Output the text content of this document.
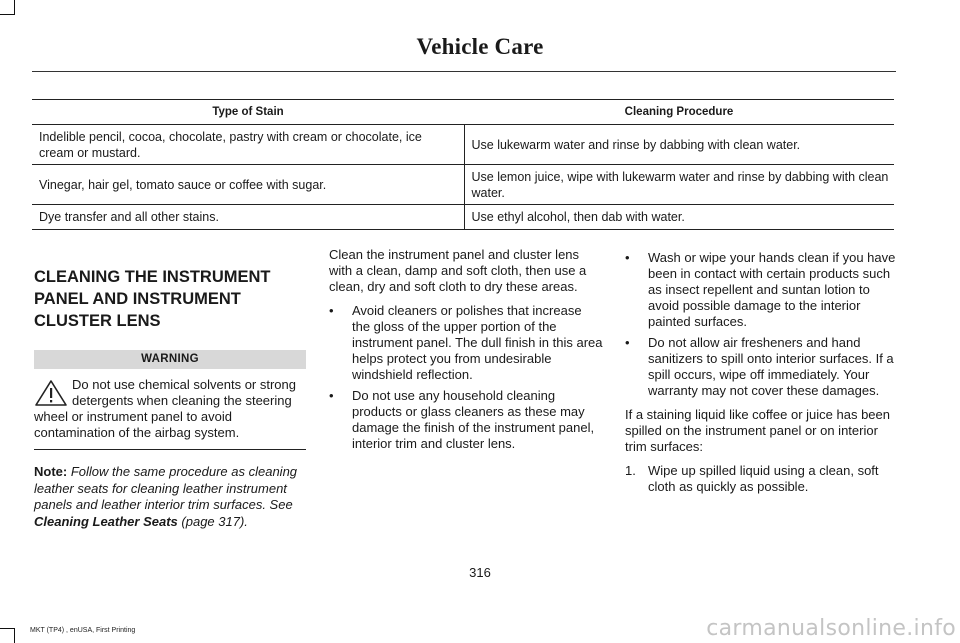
Vehicle Care
Type of Stain	Cleaning Procedure
Indelible pencil, cocoa, chocolate, pastry with cream or chocolate, ice cream or mustard.	Use lukewarm water and rinse by dabbing with clean water.
Vinegar, hair gel, tomato sauce or coffee with sugar.	Use lemon juice, wipe with lukewarm water and rinse by dabbing with clean water.
Dye transfer and all other stains.	Use ethyl alcohol, then dab with water.
CLEANING THE INSTRUMENT PANEL AND INSTRUMENT CLUSTER LENS
WARNING
Do not use chemical solvents or strong detergents when cleaning the steering wheel or instrument panel to avoid contamination of the airbag system.
Note: Follow the same procedure as cleaning leather seats for cleaning leather instrument panels and leather interior trim surfaces. See Cleaning Leather Seats (page 317).

Clean the instrument panel and cluster lens with a clean, damp and soft cloth, then use a clean, dry and soft cloth to dry these areas.

• Avoid cleaners or polishes that increase the gloss of the upper portion of the instrument panel. The dull finish in this area helps protect you from undesirable windshield reflection.
• Do not use any household cleaning products or glass cleaners as these may damage the finish of the instrument panel, interior trim and cluster lens.
• Wash or wipe your hands clean if you have been in contact with certain products such as insect repellent and suntan lotion to avoid possible damage to the interior painted surfaces.
• Do not allow air fresheners and hand sanitizers to spill onto interior surfaces. If a spill occurs, wipe off immediately. Your warranty may not cover these damages.

If a staining liquid like coffee or juice has been spilled on the instrument panel or on interior trim surfaces:

1. Wipe up spilled liquid using a clean, soft cloth as quickly as possible.
316
MKT (TP4) , enUSA, First Printing	carmanualsonline.info
